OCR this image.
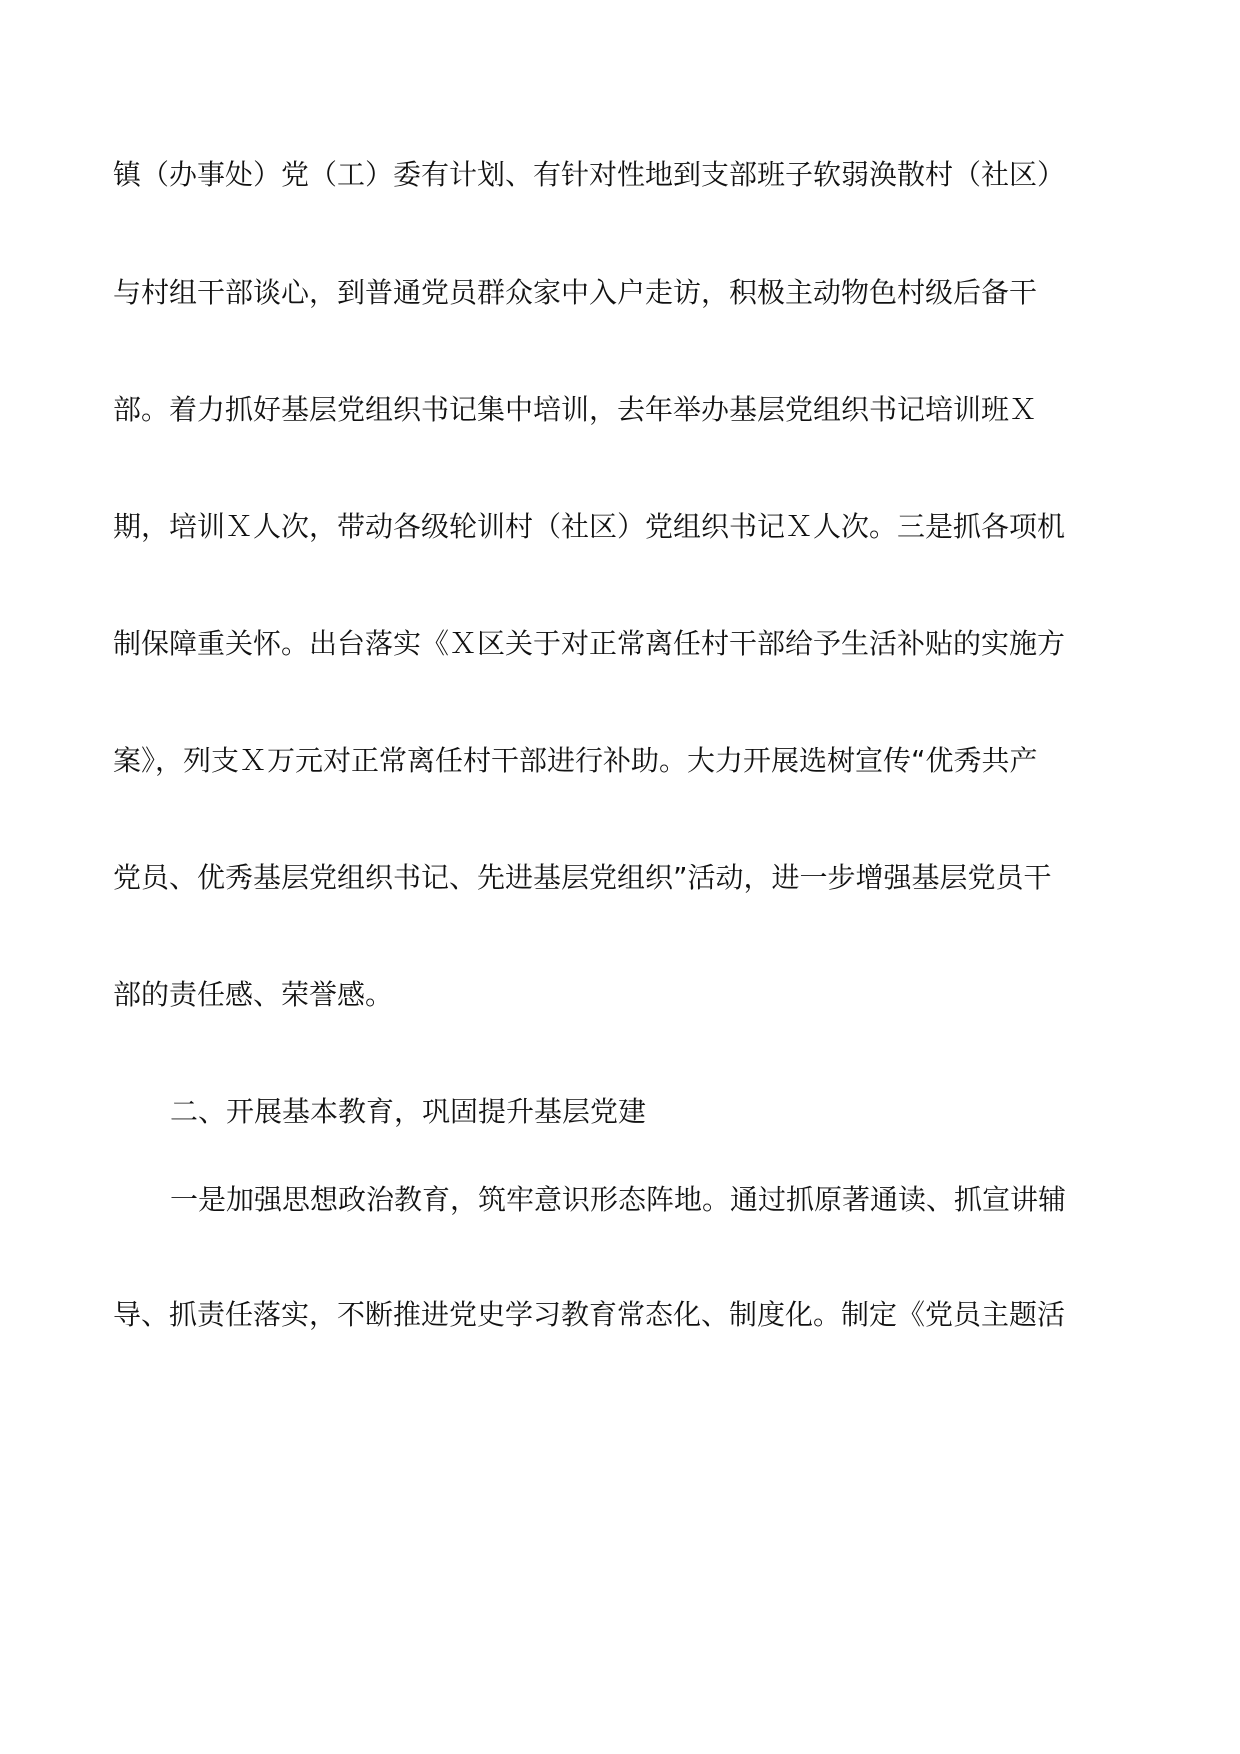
镇（办事处）党（工）委有计划、有针对性地到支部班子软弱涣散村（社区）
与村组干部谈心，到普通党员群众家中入户走访，积极主动物色村级后备干
部。着力抓好基层党组织书记集中培训，去年举办基层党组织书记培训班Ｘ
期，培训Ｘ人次，带动各级轮训村（社区）党组织书记Ｘ人次。三是抓各项机
制保障重关怀。出台落实《Ｘ区关于对正常离任村干部给予生活补贴的实施方
案》，列支Ｘ万元对正常离任村干部进行补助。大力开展选树宣传“优秀共产
党员、优秀基层党组织书记、先进基层党组织”活动，进一步增强基层党员干
部的责任感、荣誉感。
二、开展基本教育，巩固提升基层党建
一是加强思想政治教育，筑牢意识形态阵地。通过抓原著通读、抓宣讲辅
导、抓责任落实，不断推进党史学习教育常态化、制度化。制定《党员主题活
